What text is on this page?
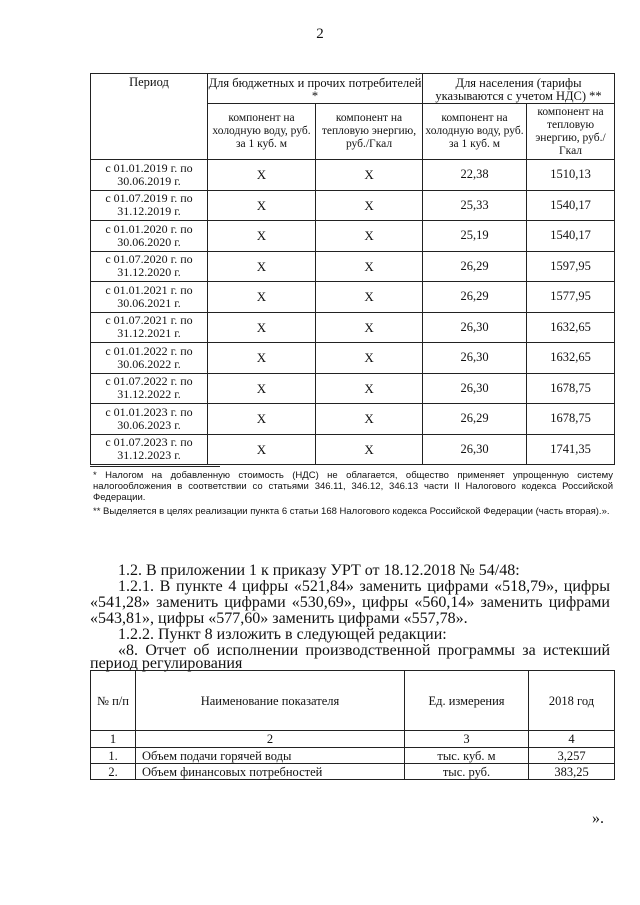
2
Период	Для бюджетных и прочих потребителей *		Для населения (тарифы указываются с учетом НДС) **	
	компонент на холодную воду, руб. за 1 куб. м	компонент на тепловую энергию, руб./Гкал	компонент на холодную воду, руб. за 1 куб. м	компонент на тепловую энергию, руб./Гкал
с 01.01.2019 г. по
30.06.2019 г.	X	X	22,38	1510,13
с 01.07.2019 г. по
31.12.2019 г.	X	X	25,33	1540,17
с 01.01.2020 г. по
30.06.2020 г.	X	X	25,19	1540,17
с 01.07.2020 г. по
31.12.2020 г.	X	X	26,29	1597,95
с 01.01.2021 г. по
30.06.2021 г.	X	X	26,29	1577,95
с 01.07.2021 г. по
31.12.2021 г.	X	X	26,30	1632,65
с 01.01.2022 г. по
30.06.2022 г.	X	X	26,30	1632,65
с 01.07.2022 г. по
31.12.2022 г.	X	X	26,30	1678,75
с 01.01.2023 г. по
30.06.2023 г.	X	X	26,29	1678,75
с 01.07.2023 г. по
31.12.2023 г.	X	X	26,30	1741,35
* Налогом на добавленную стоимость (НДС) не облагается, общество применяет упрощенную систему налогообложения в соответствии со статьями 346.11, 346.12, 346.13 части II Налогового кодекса Российской Федерации.
** Выделяется в целях реализации пункта 6 статьи 168 Налогового кодекса Российской Федерации (часть вторая).».
1.2. В приложении 1 к приказу УРТ от 18.12.2018 № 54/48:
1.2.1. В пункте 4 цифры «521,84» заменить цифрами «518,79», цифры
«541,28» заменить цифрами «530,69», цифры «560,14» заменить цифрами
«543,81», цифры «577,60» заменить цифрами «557,78».
1.2.2. Пункт 8 изложить в следующей редакции:
«8. Отчет об исполнении производственной программы за истекший
период регулирования
№ п/п	Наименование показателя	Ед. измерения	2018 год
1	2	3	4
1.	Объем подачи горячей воды	тыс. куб. м	3,257
2.	Объем финансовых потребностей	тыс. руб.	383,25
».
